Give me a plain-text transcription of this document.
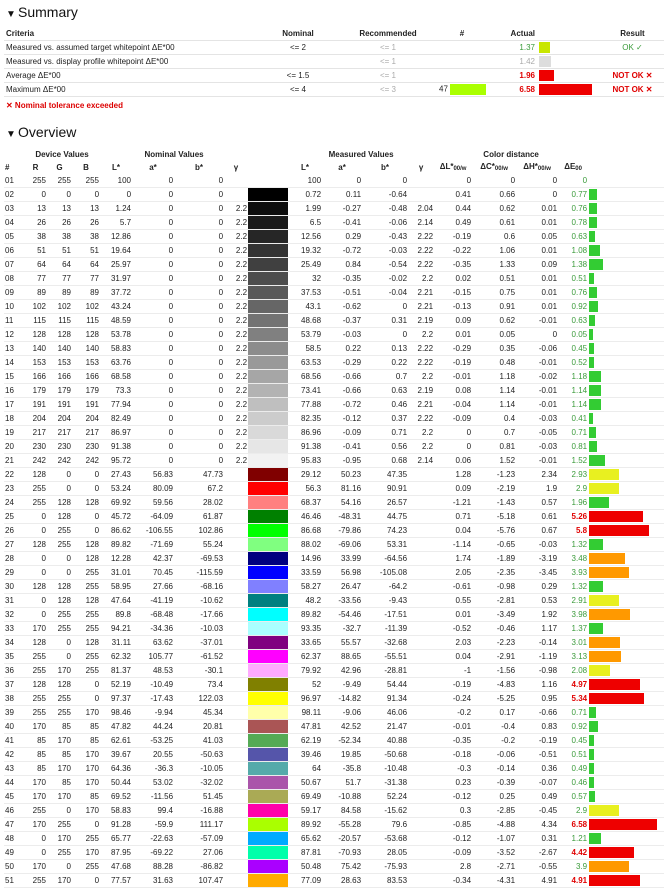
▼ Summary
Criteria	Nominal	Recommended	#	Actual		Result
Measured vs. assumed target whitepoint ΔE*00	<= 2	<= 1		1.37		OK ✓
Measured vs. display profile whitepoint ΔE*00		<= 1		1.42	

Average ΔE*00	<= 1.5	<= 1		1.96		NOT OK ✕
Maximum ΔE*00	<= 4	<= 3	47	6.58		NOT OK ✕
✕ Nominal tolerance exceeded
▼ Overview
	Device Values			Nominal Values					Measured Values				Color distance				
#	R	G	B	L*	a*	b*	γ		L*	a*	b*	γ	ΔL*00/w	ΔC*00/w	ΔH*00/w	ΔE00	
01	255	255	255	100	0	0			100	0	0		0	0	0	0	

02	0	0	0	0	0	0			0.72	0.11	-0.64		0.41	0.66	0	0.77	

03	13	13	13	1.24	0	0	2.2		1.99	-0.27	-0.48	2.04	0.44	0.62	0.01	0.76	

04	26	26	26	5.7	0	0	2.2		6.5	-0.41	-0.06	2.14	0.49	0.61	0.01	0.78	

05	38	38	38	12.86	0	0	2.2		12.56	0.29	-0.43	2.22	-0.19	0.6	0.05	0.63	

06	51	51	51	19.64	0	0	2.2		19.32	-0.72	-0.03	2.22	-0.22	1.06	0.01	1.08	

07	64	64	64	25.97	0	0	2.2		25.49	0.84	-0.54	2.22	-0.35	1.33	0.09	1.38	

08	77	77	77	31.97	0	0	2.2		32	-0.35	-0.02	2.2	0.02	0.51	0.01	0.51	

09	89	89	89	37.72	0	0	2.2		37.53	-0.51	-0.04	2.21	-0.15	0.75	0.01	0.76	

10	102	102	102	43.24	0	0	2.2		43.1	-0.62	0	2.21	-0.13	0.91	0.01	0.92	

11	115	115	115	48.59	0	0	2.2		48.68	-0.37	0.31	2.19	0.09	0.62	-0.01	0.63	

12	128	128	128	53.78	0	0	2.2		53.79	-0.03	0	2.2	0.01	0.05	0	0.05	

13	140	140	140	58.83	0	0	2.2		58.5	0.22	0.13	2.22	-0.29	0.35	-0.06	0.45	

14	153	153	153	63.76	0	0	2.2		63.53	-0.29	0.22	2.22	-0.19	0.48	-0.01	0.52	

15	166	166	166	68.58	0	0	2.2		68.56	-0.66	0.7	2.2	-0.01	1.18	-0.02	1.18	

16	179	179	179	73.3	0	0	2.2		73.41	-0.66	0.63	2.19	0.08	1.14	-0.01	1.14	

17	191	191	191	77.94	0	0	2.2		77.88	-0.72	0.46	2.21	-0.04	1.14	-0.01	1.14	

18	204	204	204	82.49	0	0	2.2		82.35	-0.12	0.37	2.22	-0.09	0.4	-0.03	0.41	

19	217	217	217	86.97	0	0	2.2		86.96	-0.09	0.71	2.2	0	0.7	-0.05	0.71	

20	230	230	230	91.38	0	0	2.2		91.38	-0.41	0.56	2.2	0	0.81	-0.03	0.81	

21	242	242	242	95.72	0	0	2.2		95.83	-0.95	0.68	2.14	0.06	1.52	-0.01	1.52	

22	128	0	0	27.43	56.83	47.73			29.12	50.23	47.35		1.28	-1.23	2.34	2.93	

23	255	0	0	53.24	80.09	67.2			56.3	81.16	90.91		0.09	-2.19	1.9	2.9	

24	255	128	128	69.92	59.56	28.02			68.37	54.16	26.57		-1.21	-1.43	0.57	1.96	

25	0	128	0	45.72	-64.09	61.87			46.46	-48.31	44.75		0.71	-5.18	0.61	5.26	

26	0	255	0	86.62	-106.55	102.86			86.68	-79.86	74.23		0.04	-5.76	0.67	5.8	

27	128	255	128	89.82	-71.69	55.24			88.02	-69.06	53.31		-1.14	-0.65	-0.03	1.32	

28	0	0	128	12.28	42.37	-69.53			14.96	33.99	-64.56		1.74	-1.89	-3.19	3.48	

29	0	0	255	31.01	70.45	-115.59			33.59	56.98	-105.08		2.05	-2.35	-3.45	3.93	

30	128	128	255	58.95	27.66	-68.16			58.27	26.47	-64.2		-0.61	-0.98	0.29	1.32	

31	0	128	128	47.64	-41.19	-10.62			48.2	-33.56	-9.43		0.55	-2.81	0.53	2.91	

32	0	255	255	89.8	-68.48	-17.66			89.82	-54.46	-17.51		0.01	-3.49	1.92	3.98	

33	170	255	255	94.21	-34.36	-10.03			93.35	-32.7	-11.39		-0.52	-0.46	1.17	1.37	

34	128	0	128	31.11	63.62	-37.01			33.65	55.57	-32.68		2.03	-2.23	-0.14	3.01	

35	255	0	255	62.32	105.77	-61.52			62.37	88.65	-55.51		0.04	-2.91	-1.19	3.13	

36	255	170	255	81.37	48.53	-30.1			79.92	42.96	-28.81		-1	-1.56	-0.98	2.08	

37	128	128	0	52.19	-10.49	73.4			52	-9.49	54.44		-0.19	-4.83	1.16	4.97	

38	255	255	0	97.37	-17.43	122.03			96.97	-14.82	91.34		-0.24	-5.25	0.95	5.34	

39	255	255	170	98.46	-9.94	45.34			98.11	-9.06	46.06		-0.2	0.17	-0.66	0.71	

40	170	85	85	47.82	44.24	20.81			47.81	42.52	21.47		-0.01	-0.4	0.83	0.92	

41	85	170	85	62.61	-53.25	41.03			62.19	-52.34	40.88		-0.35	-0.2	-0.19	0.45	

42	85	85	170	39.67	20.55	-50.63			39.46	19.85	-50.68		-0.18	-0.06	-0.51	0.51	

43	85	170	170	64.36	-36.3	-10.05			64	-35.8	-10.48		-0.3	-0.14	0.36	0.49	

44	170	85	170	50.44	53.02	-32.02			50.67	51.7	-31.38		0.23	-0.39	-0.07	0.46	

45	170	170	85	69.52	-11.56	51.45			69.49	-10.88	52.24		-0.12	0.25	0.49	0.57	

46	255	0	170	58.83	99.4	-16.88			59.17	84.58	-15.62		0.3	-2.85	-0.45	2.9	

47	170	255	0	91.28	-59.9	111.17			89.92	-55.28	79.6		-0.85	-4.88	4.34	6.58	

48	0	170	255	65.77	-22.63	-57.09			65.62	-20.57	-53.68		-0.12	-1.07	0.31	1.21	

49	0	255	170	87.95	-69.22	27.06			87.81	-70.93	28.05		-0.09	-3.52	-2.67	4.42	

50	170	0	255	47.68	88.28	-86.82			50.48	75.42	-75.93		2.8	-2.71	-0.55	3.9	

51	255	170	0	77.57	31.63	107.47			77.09	28.63	83.53		-0.34	-4.31	4.91	4.91	
